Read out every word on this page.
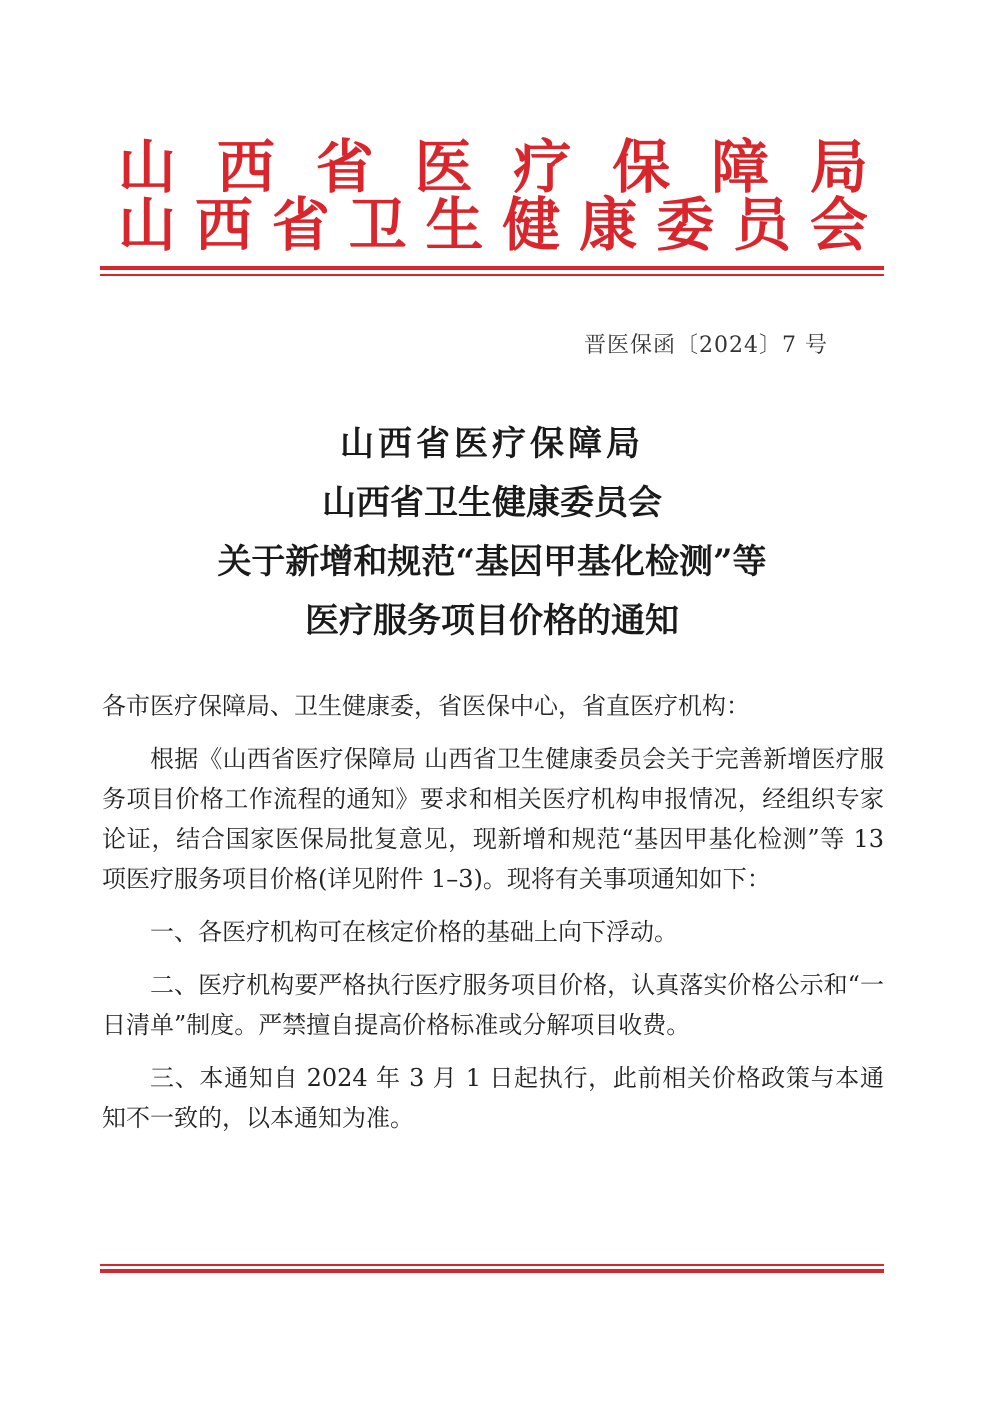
山 西 省 医 疗 保 障 局
山 西 省 卫 生 健 康 委 员 会
晋医保函〔2024〕7 号
山西省医疗保障局
山西省卫生健康委员会
关于新增和规范“基因甲基化检测”等
医疗服务项目价格的通知
各市医疗保障局、卫生健康委，省医保中心，省直医疗机构：

根据《山西省医疗保障局 山西省卫生健康委员会关于完善新增医疗服务项目价格工作流程的通知》要求和相关医疗机构申报情况，经组织专家论证，结合国家医保局批复意见，现新增和规范“基因甲基化检测”等 13 项医疗服务项目价格(详见附件 1–3)。现将有关事项通知如下：

一、各医疗机构可在核定价格的基础上向下浮动。

二、医疗机构要严格执行医疗服务项目价格，认真落实价格公示和“一日清单”制度。严禁擅自提高价格标准或分解项目收费。

三、本通知自 2024 年 3 月 1 日起执行，此前相关价格政策与本通知不一致的，以本通知为准。
